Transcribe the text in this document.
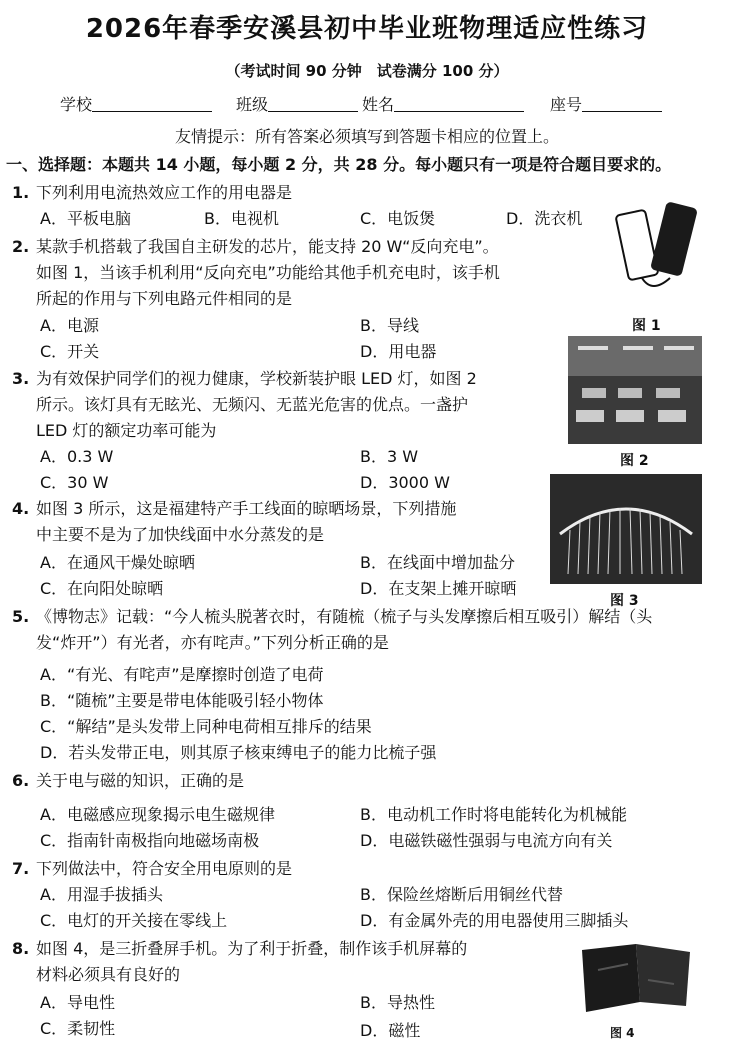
2026年春季安溪县初中毕业班物理适应性练习
（考试时间 90 分钟　试卷满分 100 分）
学校	班级	姓名	座号
友情提示：所有答案必须填写到答题卡相应的位置上。
一、选择题：本题共 14 小题，每小题 2 分，共 28 分。每小题只有一项是符合题目要求的。
1. 下列利用电流热效应工作的用电器是
A．平板电脑	B．电视机	C．电饭煲	D．洗衣机
2. 某款手机搭载了我国自主研发的芯片，能支持 20 W“反向充电”。
如图 1，当该手机利用“反向充电”功能给其他手机充电时，该手机
所起的作用与下列电路元件相同的是
A．电源	B．导线
C．开关	D．用电器
图 1
3. 为有效保护同学们的视力健康，学校新装护眼 LED 灯，如图 2
所示。该灯具有无眩光、无频闪、无蓝光危害的优点。一盏护
LED 灯的额定功率可能为
A．0.3 W	B．3 W
C．30 W	D．3000 W
图 2
4. 如图 3 所示，这是福建特产手工线面的晾晒场景，下列措施
中主要不是为了加快线面中水分蒸发的是
A．在通风干燥处晾晒	B．在线面中增加盐分
C．在向阳处晾晒	D．在支架上摊开晾晒
图 3
5. 《博物志》记载：“今人梳头脱著衣时，有随梳（梳子与头发摩擦后相互吸引）解结（头
发“炸开”）有光者，亦有咤声。”下列分析正确的是
A．“有光、有咤声”是摩擦时创造了电荷
B．“随梳”主要是带电体能吸引轻小物体
C．“解结”是头发带上同种电荷相互排斥的结果
D．若头发带正电，则其原子核束缚电子的能力比梳子强
6. 关于电与磁的知识，正确的是
A．电磁感应现象揭示电生磁规律	B．电动机工作时将电能转化为机械能
C．指南针南极指向地磁场南极	D．电磁铁磁性强弱与电流方向有关
7. 下列做法中，符合安全用电原则的是
A．用湿手拔插头	B．保险丝熔断后用铜丝代替
C．电灯的开关接在零线上	D．有金属外壳的用电器使用三脚插头
8. 如图 4，是三折叠屏手机。为了利于折叠，制作该手机屏幕的
材料必须具有良好的
A．导电性	B．导热性
C．柔韧性	D．磁性	图 4
